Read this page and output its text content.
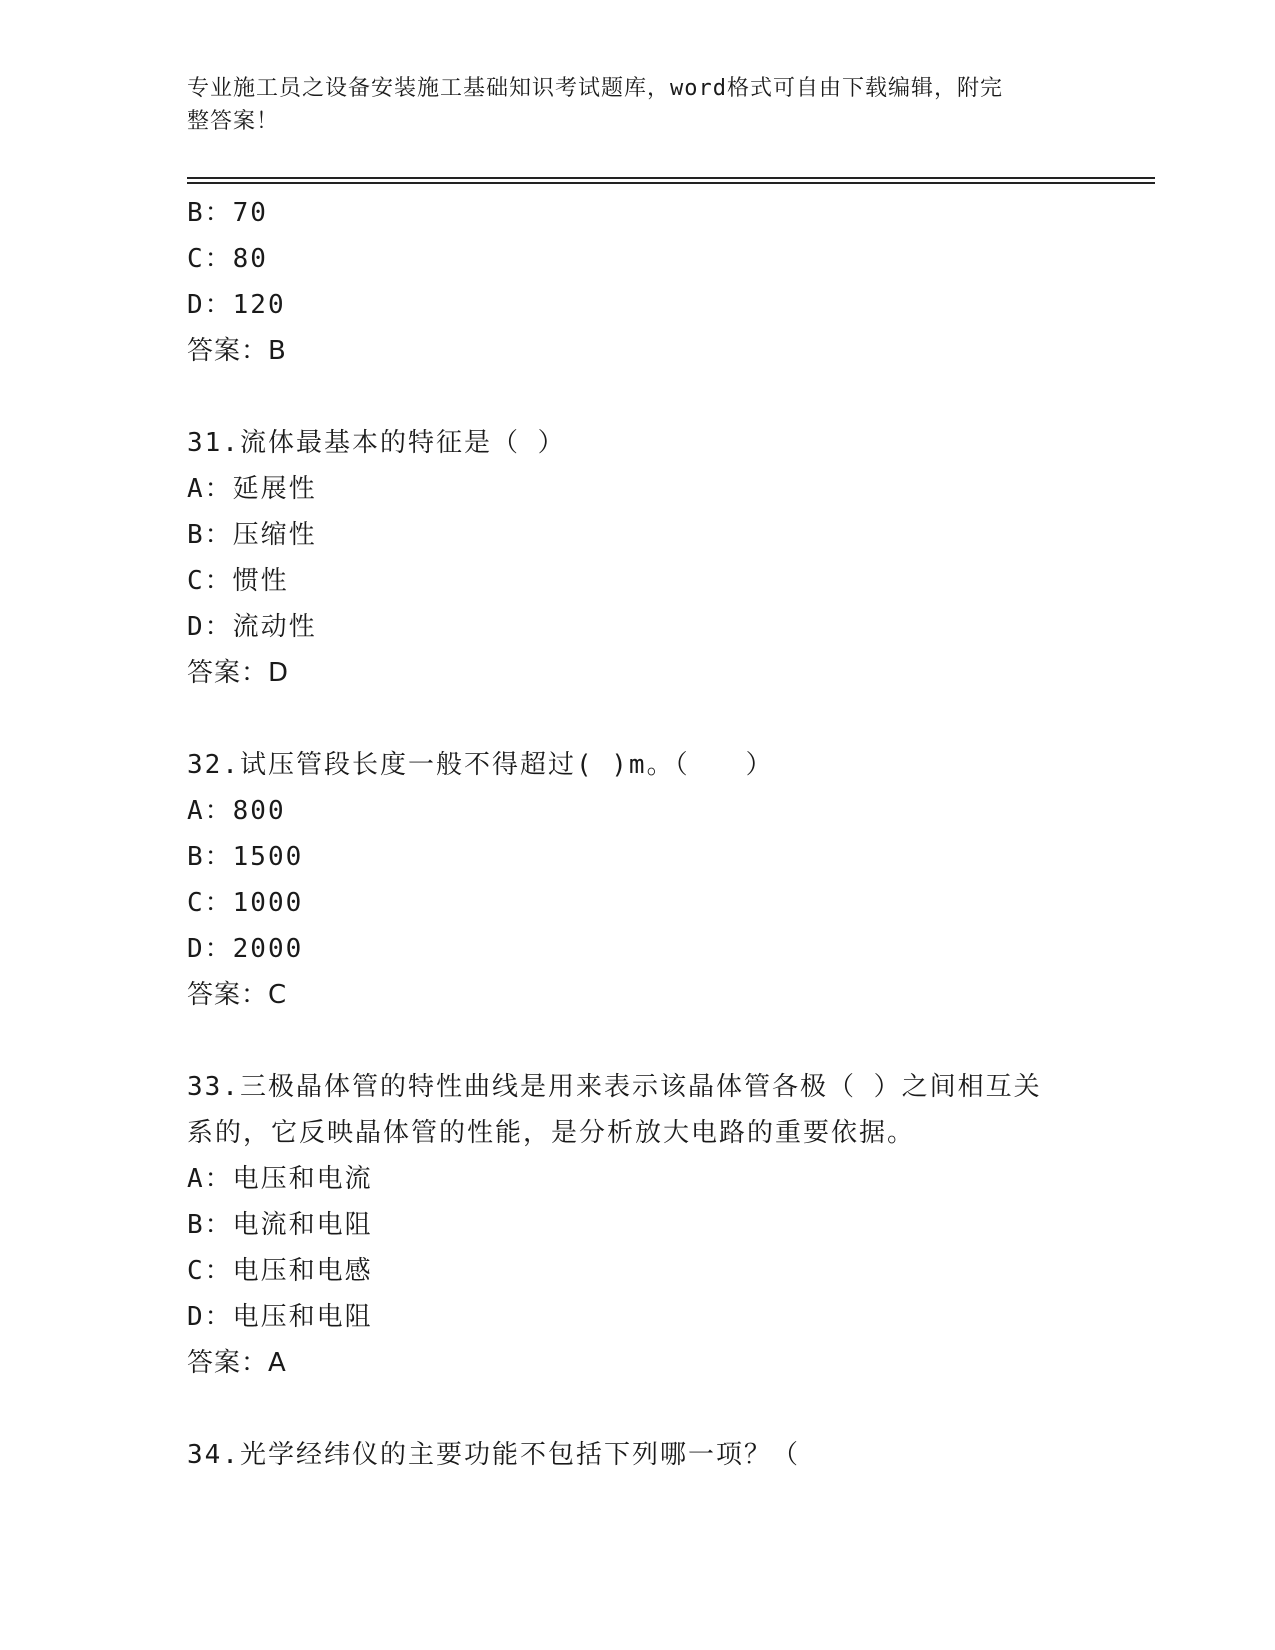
专业施工员之设备安装施工基础知识考试题库，word格式可自由下载编辑，附完
整答案！
B：70
C：80
D：120
答案：B
31.流体最基本的特征是（ ）
A：延展性
B：压缩性
C：惯性
D：流动性
答案：D
32.试压管段长度一般不得超过( )m。（　　）
A：800
B：1500
C：1000
D：2000
答案：C
33.三极晶体管的特性曲线是用来表示该晶体管各极（ ）之间相互关
系的，它反映晶体管的性能，是分析放大电路的重要依据。
A：电压和电流
B：电流和电阻
C：电压和电感
D：电压和电阻
答案：A
34.光学经纬仪的主要功能不包括下列哪一项？（
